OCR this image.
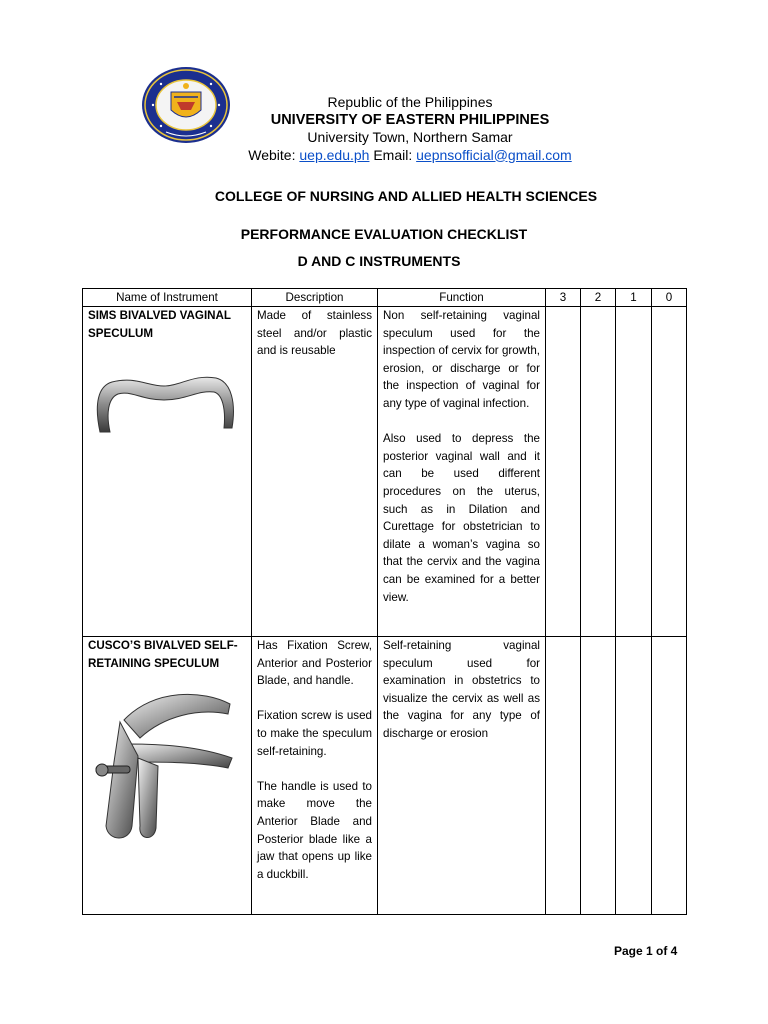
Republic of the Philippines
UNIVERSITY OF EASTERN PHILIPPINES
University Town, Northern Samar
Webite: uep.edu.ph Email: uepnsofficial@gmail.com
COLLEGE OF NURSING AND ALLIED HEALTH SCIENCES
PERFORMANCE EVALUATION CHECKLIST
D AND C INSTRUMENTS
Name of Instrument	Description	Function	3	2	1	0

SIMS BIVALVED VAGINAL SPECULUM	Made of stainless steel and/or plastic and is reusable	Non self-retaining vaginal speculum used for the inspection of cervix for growth, erosion, or discharge or for the inspection of vaginal for any type of vaginal infection.

Also used to depress the posterior vaginal wall and it can be used different procedures on the uterus, such as in Dilation and Curettage for obstetrician to dilate a woman’s vagina so that the cervix and the vagina can be examined for a better view.				

CUSCO’S BIVALVED SELF-RETAINING SPECULUM	Has Fixation Screw, Anterior and Posterior Blade, and handle.

Fixation screw is used to make the speculum self-retaining.

The handle is used to make move the Anterior Blade and Posterior blade like a jaw that opens up like a duckbill.	Self-retaining vaginal speculum used for examination in obstetrics to visualize the cervix as well as the vagina for any type of discharge or erosion				

Page 1 of 4
